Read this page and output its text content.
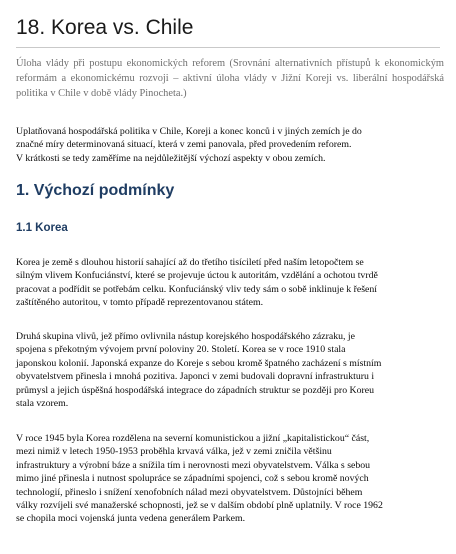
18. Korea vs. Chile

Úloha vlády při postupu ekonomických reforem (Srovnání alternativních přístupů k ekonomickým reformám a ekonomickému rozvoji – aktivní úloha vlády v Jižní Koreji vs. liberální hospodářská politika v Chile v době vlády Pinocheta.)

Uplatňovaná hospodářská politika v Chile, Koreji a konec konců i v jiných zemích je do
značné míry determinovaná situací, která v zemi panovala, před provedením reforem.
V krátkosti se tedy zaměříme na nejdůležitější výchozí aspekty v obou zemích.

1. Výchozí podmínky
1.1 Korea

Korea je země s dlouhou historií sahající až do třetího tisíciletí před naším letopočtem se
silným vlivem Konfuciánství, které se projevuje úctou k autoritám, vzdělání a ochotou tvrdě
pracovat a podřídit se potřebám celku. Konfuciánský vliv tedy sám o sobě inklinuje k řešení
zaštítěného autoritou, v tomto případě reprezentovanou státem.

Druhá skupina vlivů, jež přímo ovlivnila nástup korejského hospodářského zázraku, je
spojena s překotným vývojem první poloviny 20. Století. Korea se v roce 1910 stala
japonskou kolonií. Japonská expanze do Koreje s sebou kromě špatného zacházení s místním
obyvatelstvem přinesla i mnohá pozitiva. Japonci v zemi budovali dopravní infrastrukturu i
průmysl a jejich úspěšná hospodářská integrace do západních struktur se později pro Koreu
stala vzorem.

V roce 1945 byla Korea rozdělena na severní komunistickou a jižní „kapitalistickou“ část,
mezi nimiž v letech 1950-1953 proběhla krvavá válka, jež v zemi zničila většinu
infrastruktury a výrobní báze a snížila tím i nerovnosti mezi obyvatelstvem. Válka s sebou
mimo jiné přinesla i nutnost spolupráce se západními spojenci, což s sebou kromě nových
technologií, přineslo i snížení xenofobních nálad mezi obyvatelstvem. Důstojníci během
války rozvíjeli své manažerské schopnosti, jež se v dalším období plně uplatnily. V roce 1962
se chopila moci vojenská junta vedena generálem Parkem.
